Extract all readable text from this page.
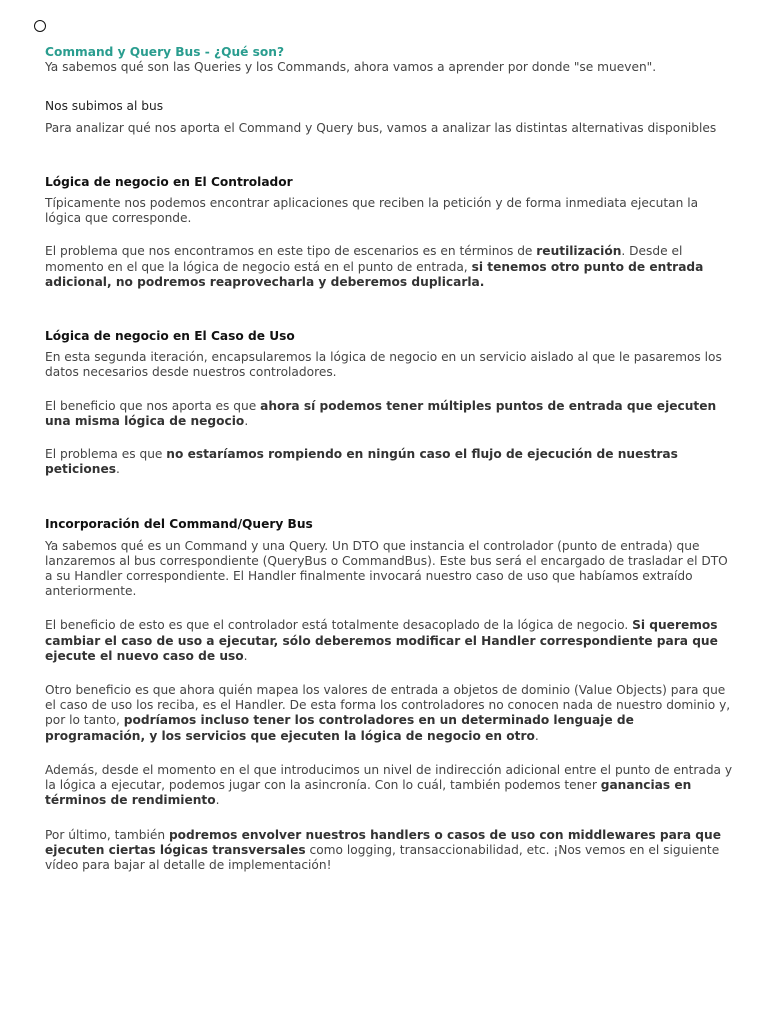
Command y Query Bus - ¿Qué son?

Ya sabemos qué son las Queries y los Commands, ahora vamos a aprender por donde "se mueven".

Nos subimos al bus

Para analizar qué nos aporta el Command y Query bus, vamos a analizar las distintas alternativas disponibles

Lógica de negocio en El Controlador

Típicamente nos podemos encontrar aplicaciones que reciben la petición y de forma inmediata ejecutan la lógica que corresponde.

El problema que nos encontramos en este tipo de escenarios es en términos de reutilización. Desde el momento en el que la lógica de negocio está en el punto de entrada, si tenemos otro punto de entrada adicional, no podremos reaprovecharla y deberemos duplicarla.

Lógica de negocio en El Caso de Uso

En esta segunda iteración, encapsularemos la lógica de negocio en un servicio aislado al que le pasaremos los datos necesarios desde nuestros controladores.

El beneficio que nos aporta es que ahora sí podemos tener múltiples puntos de entrada que ejecuten una misma lógica de negocio.

El problema es que no estaríamos rompiendo en ningún caso el flujo de ejecución de nuestras peticiones.

Incorporación del Command/Query Bus

Ya sabemos qué es un Command y una Query. Un DTO que instancia el controlador (punto de entrada) que lanzaremos al bus correspondiente (QueryBus o CommandBus). Este bus será el encargado de trasladar el DTO a su Handler correspondiente. El Handler finalmente invocará nuestro caso de uso que habíamos extraído anteriormente.

El beneficio de esto es que el controlador está totalmente desacoplado de la lógica de negocio. Si queremos cambiar el caso de uso a ejecutar, sólo deberemos modificar el Handler correspondiente para que ejecute el nuevo caso de uso.

Otro beneficio es que ahora quién mapea los valores de entrada a objetos de dominio (Value Objects) para que el caso de uso los reciba, es el Handler. De esta forma los controladores no conocen nada de nuestro dominio y, por lo tanto, podríamos incluso tener los controladores en un determinado lenguaje de programación, y los servicios que ejecuten la lógica de negocio en otro.

Además, desde el momento en el que introducimos un nivel de indirección adicional entre el punto de entrada y la lógica a ejecutar, podemos jugar con la asincronía. Con lo cuál, también podemos tener ganancias en términos de rendimiento.

Por último, también podremos envolver nuestros handlers o casos de uso con middlewares para que ejecuten ciertas lógicas transversales como logging, transaccionabilidad, etc. ¡Nos vemos en el siguiente vídeo para bajar al detalle de implementación!
